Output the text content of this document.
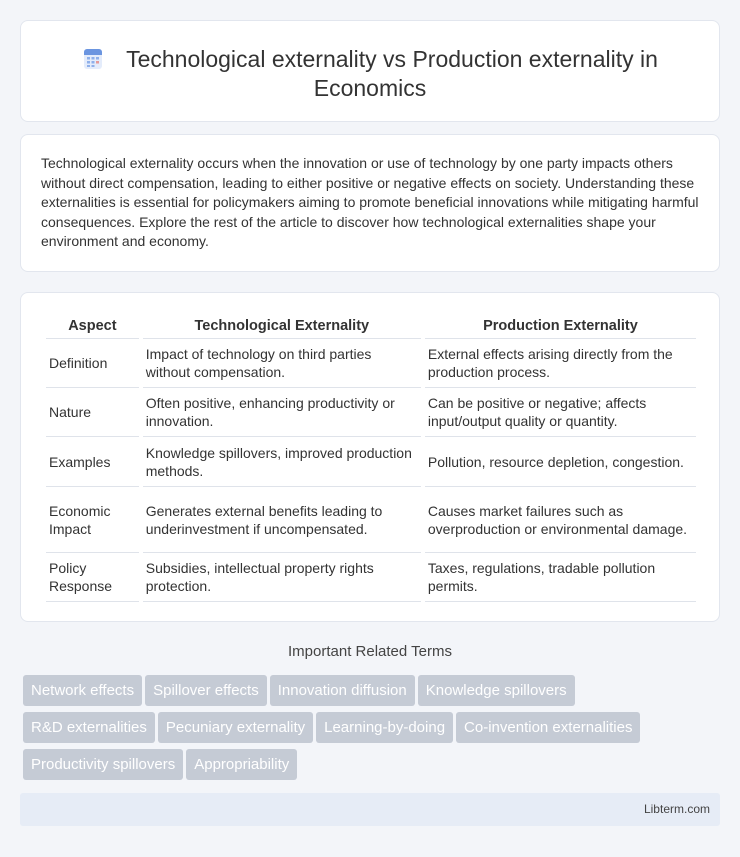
Technological externality vs Production externality in
Economics

Technological externality occurs when the innovation or use of technology by one party impacts others without direct compensation, leading to either positive or negative effects on society. Understanding these externalities is essential for policymakers aiming to promote beneficial innovations while mitigating harmful consequences. Explore the rest of the article to discover how technological externalities shape your environment and economy.

Aspect	Technological Externality	Production Externality
Definition	Impact of technology on third parties without compensation.	External effects arising directly from the production process.
Nature	Often positive, enhancing productivity or innovation.	Can be positive or negative; affects input/output quality or quantity.
Examples	Knowledge spillovers, improved production methods.	Pollution, resource depletion, congestion.
Economic Impact	Generates external benefits leading to underinvestment if uncompensated.	Causes market failures such as overproduction or environmental damage.
Policy Response	Subsidies, intellectual property rights protection.	Taxes, regulations, tradable pollution permits.
Important Related Terms
Network effects Spillover effects Innovation diffusion Knowledge spillovers
R&D externalities Pecuniary externality Learning-by-doing Co-invention externalities
Productivity spillovers Appropriability
Libterm.com
